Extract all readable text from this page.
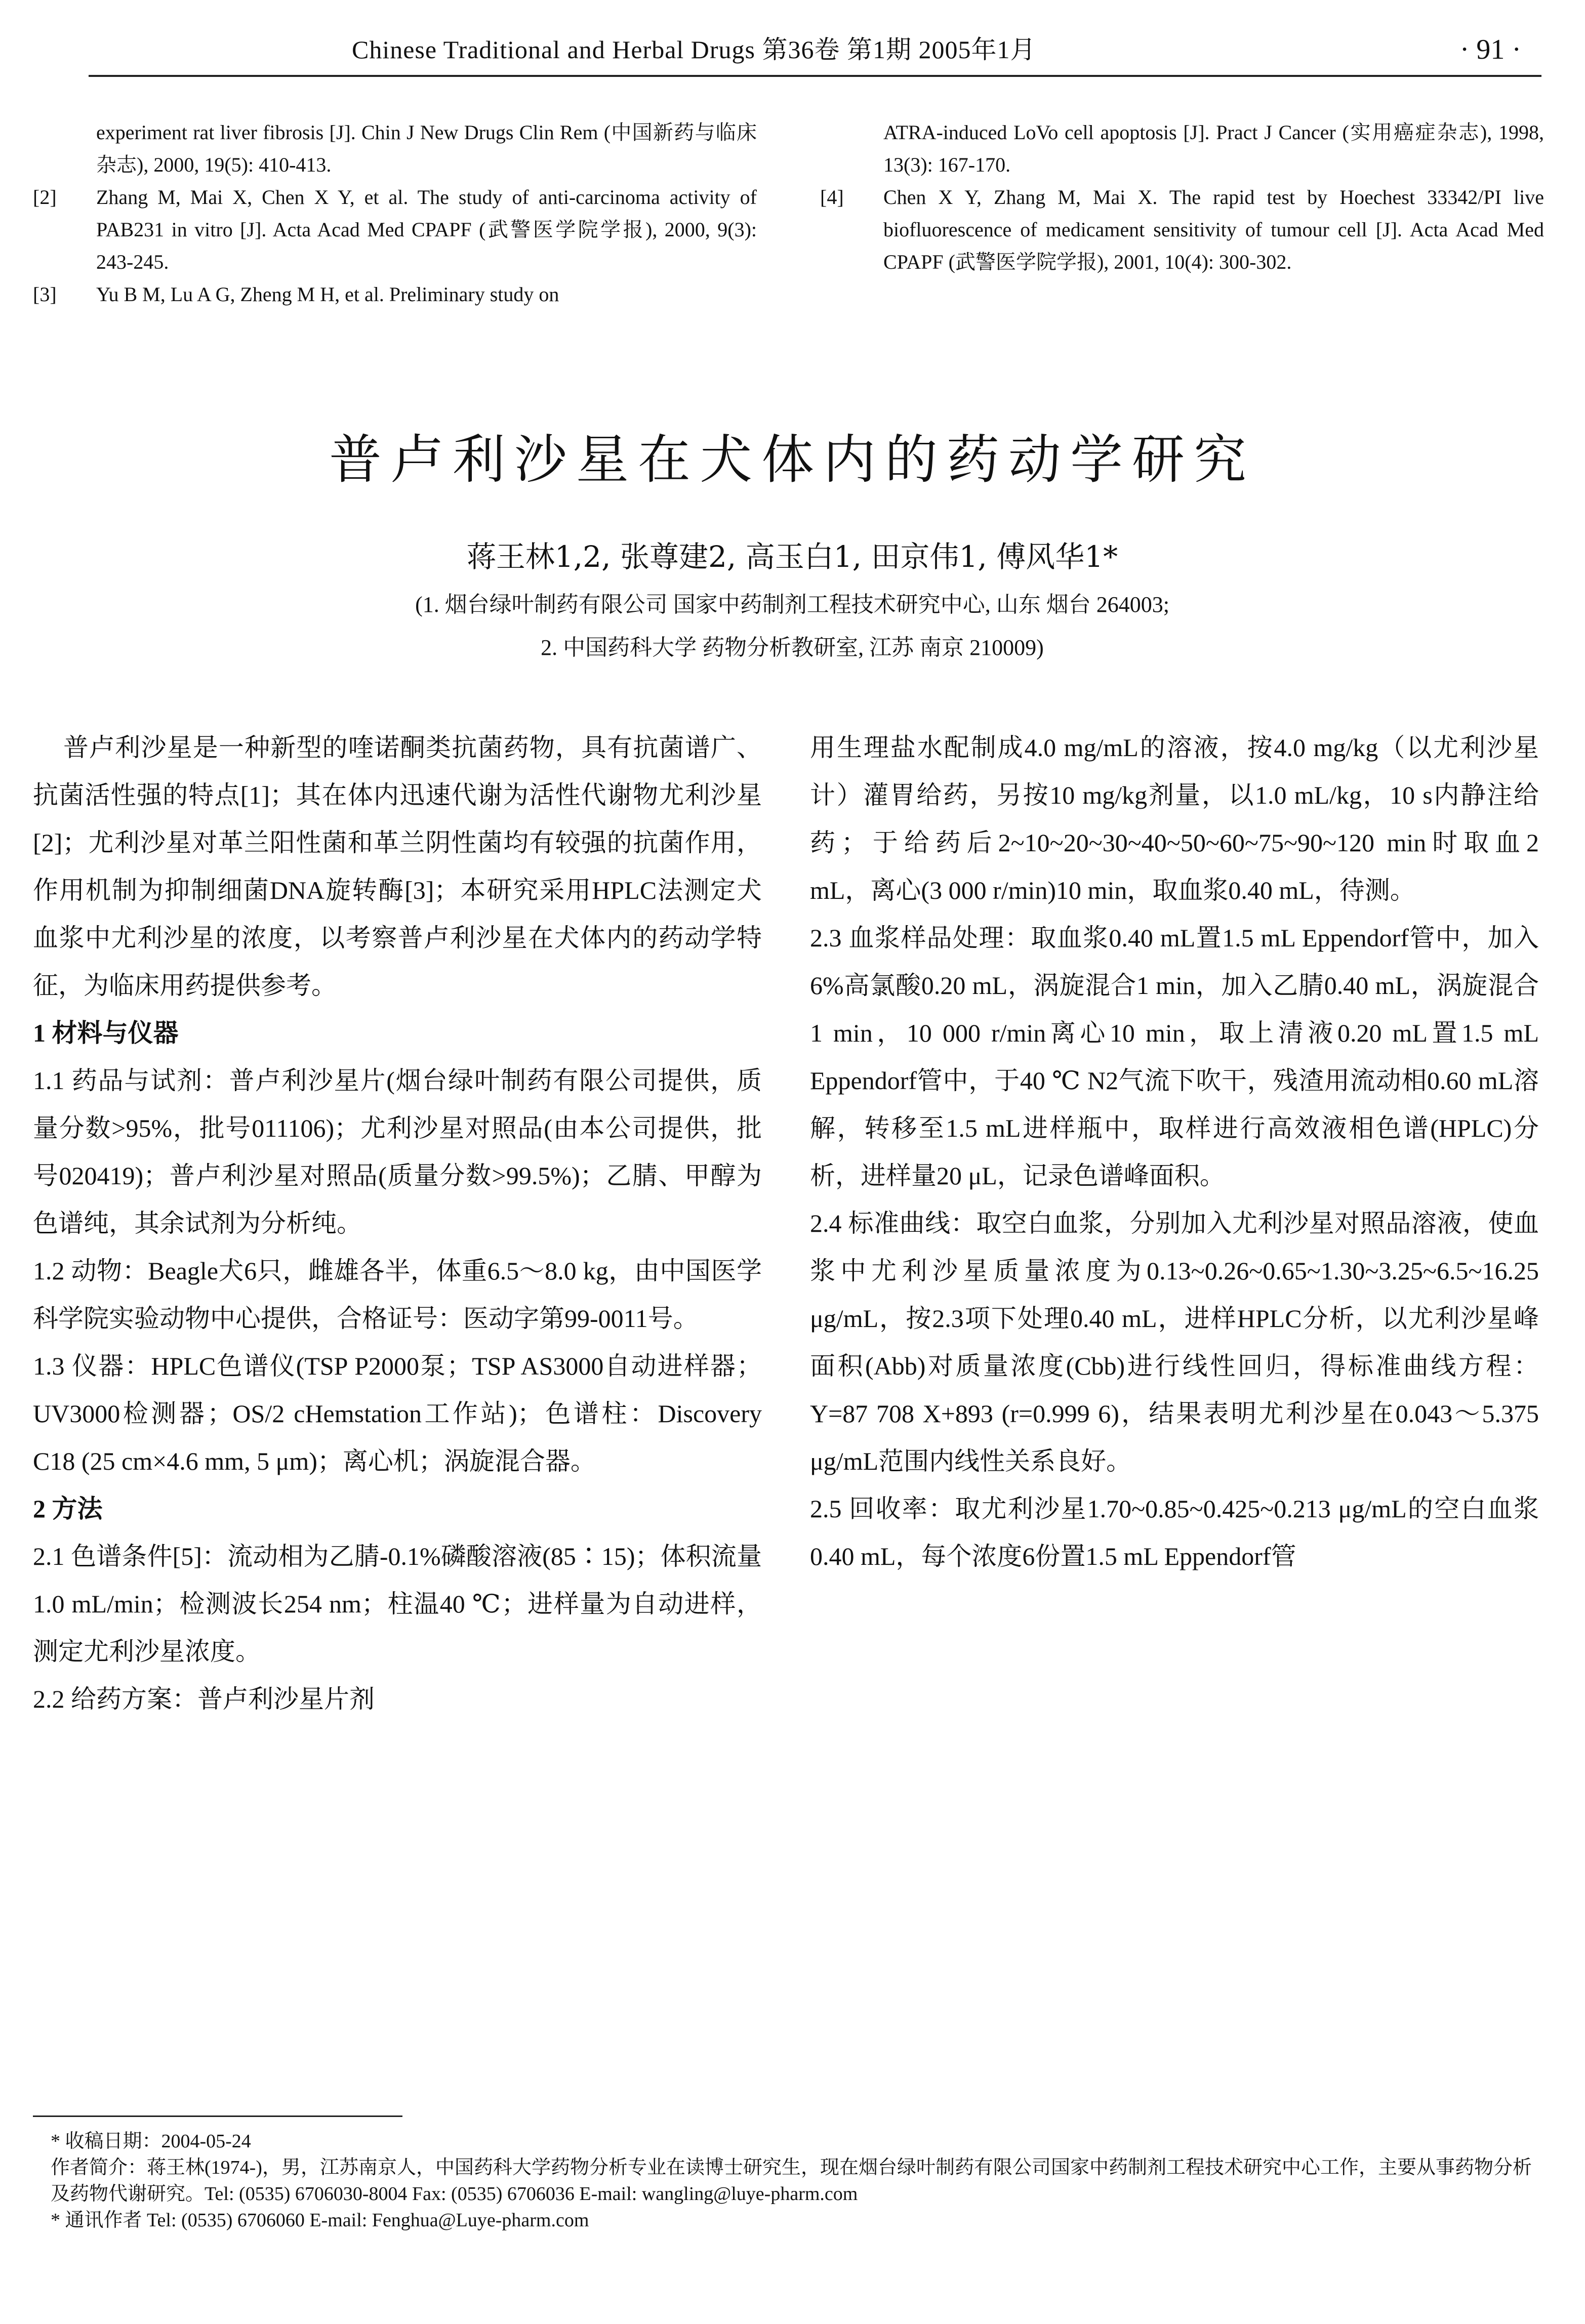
Chinese Traditional and Herbal Drugs 第36卷 第1期 2005年1月	· 91 ·
experiment rat liver fibrosis [J]. Chin J New Drugs Clin Rem (中国新药与临床杂志), 2000, 19(5): 410-413.
[2] Zhang M, Mai X, Chen X Y, et al. The study of anti-carcinoma activity of PAB231 in vitro [J]. Acta Acad Med CPAPF (武警医学院学报), 2000, 9(3): 243-245.
[3] Yu B M, Lu A G, Zheng M H, et al. Preliminary study on
ATRA-induced LoVo cell apoptosis [J]. Pract J Cancer (实用癌症杂志), 1998, 13(3): 167-170.
[4] Chen X Y, Zhang M, Mai X. The rapid test by Hoechest 33342/PI live biofluorescence of medicament sensitivity of tumour cell [J]. Acta Acad Med CPAPF (武警医学院学报), 2001, 10(4): 300-302.
普卢利沙星在犬体内的药动学研究
蒋王林1,2, 张尊建2, 高玉白1, 田京伟1, 傅风华1*
(1. 烟台绿叶制药有限公司 国家中药制剂工程技术研究中心, 山东 烟台 264003;
2. 中国药科大学 药物分析教研室, 江苏 南京 210009)

普卢利沙星是一种新型的喹诺酮类抗菌药物，具有抗菌谱广、抗菌活性强的特点[1]；其在体内迅速代谢为活性代谢物尤利沙星[2]；尤利沙星对革兰阳性菌和革兰阴性菌均有较强的抗菌作用，作用机制为抑制细菌DNA旋转酶[3]；本研究采用HPLC法测定犬血浆中尤利沙星的浓度，以考察普卢利沙星在犬体内的药动学特征，为临床用药提供参考。

1 材料与仪器

1.1 药品与试剂：普卢利沙星片(烟台绿叶制药有限公司提供，质量分数>95%，批号011106)；尤利沙星对照品(由本公司提供，批号020419)；普卢利沙星对照品(质量分数>99.5%)；乙腈、甲醇为色谱纯，其余试剂为分析纯。

1.2 动物：Beagle犬6只，雌雄各半，体重6.5～8.0 kg，由中国医学科学院实验动物中心提供，合格证号：医动字第99-0011号。

1.3 仪器：HPLC色谱仪(TSP P2000泵；TSP AS3000自动进样器；UV3000检测器；OS/2 cHemstation工作站)；色谱柱：Discovery C18 (25 cm×4.6 mm, 5 μm)；离心机；涡旋混合器。

2 方法

2.1 色谱条件[5]：流动相为乙腈-0.1%磷酸溶液(85∶15)；体积流量1.0 mL/min；检测波长254 nm；柱温40 ℃；进样量为自动进样，测定尤利沙星浓度。

2.2 给药方案：普卢利沙星片剂

用生理盐水配制成4.0 mg/mL的溶液，按4.0 mg/kg（以尤利沙星计）灌胃给药，另按10 mg/kg剂量，以1.0 mL/kg，10 s内静注给药；于给药后2~10~20~30~40~50~60~75~90~120 min时取血2 mL，离心(3 000 r/min)10 min，取血浆0.40 mL，待测。

2.3 血浆样品处理：取血浆0.40 mL置1.5 mL Eppendorf管中，加入6%高氯酸0.20 mL，涡旋混合1 min，加入乙腈0.40 mL，涡旋混合1 min，10 000 r/min离心10 min，取上清液0.20 mL置1.5 mL Eppendorf管中，于40 ℃ N2气流下吹干，残渣用流动相0.60 mL溶解，转移至1.5 mL进样瓶中，取样进行高效液相色谱(HPLC)分析，进样量20 μL，记录色谱峰面积。

2.4 标准曲线：取空白血浆，分别加入尤利沙星对照品溶液，使血浆中尤利沙星质量浓度为0.13~0.26~0.65~1.30~3.25~6.5~16.25 μg/mL，按2.3项下处理0.40 mL，进样HPLC分析，以尤利沙星峰面积(Abb)对质量浓度(Cbb)进行线性回归，得标准曲线方程：Y=87 708 X+893 (r=0.999 6)，结果表明尤利沙星在0.043～5.375 μg/mL范围内线性关系良好。

2.5 回收率：取尤利沙星1.70~0.85~0.425~0.213 μg/mL的空白血浆0.40 mL，每个浓度6份置1.5 mL Eppendorf管

* 收稿日期：2004-05-24
作者简介：蒋王林(1974-)，男，江苏南京人，中国药科大学药物分析专业在读博士研究生，现在烟台绿叶制药有限公司国家中药制剂工程技术研究中心工作，主要从事药物分析及药物代谢研究。Tel: (0535) 6706030-8004 Fax: (0535) 6706036 E-mail: wangling@luye-pharm.com
* 通讯作者 Tel: (0535) 6706060 E-mail: Fenghua@Luye-pharm.com
